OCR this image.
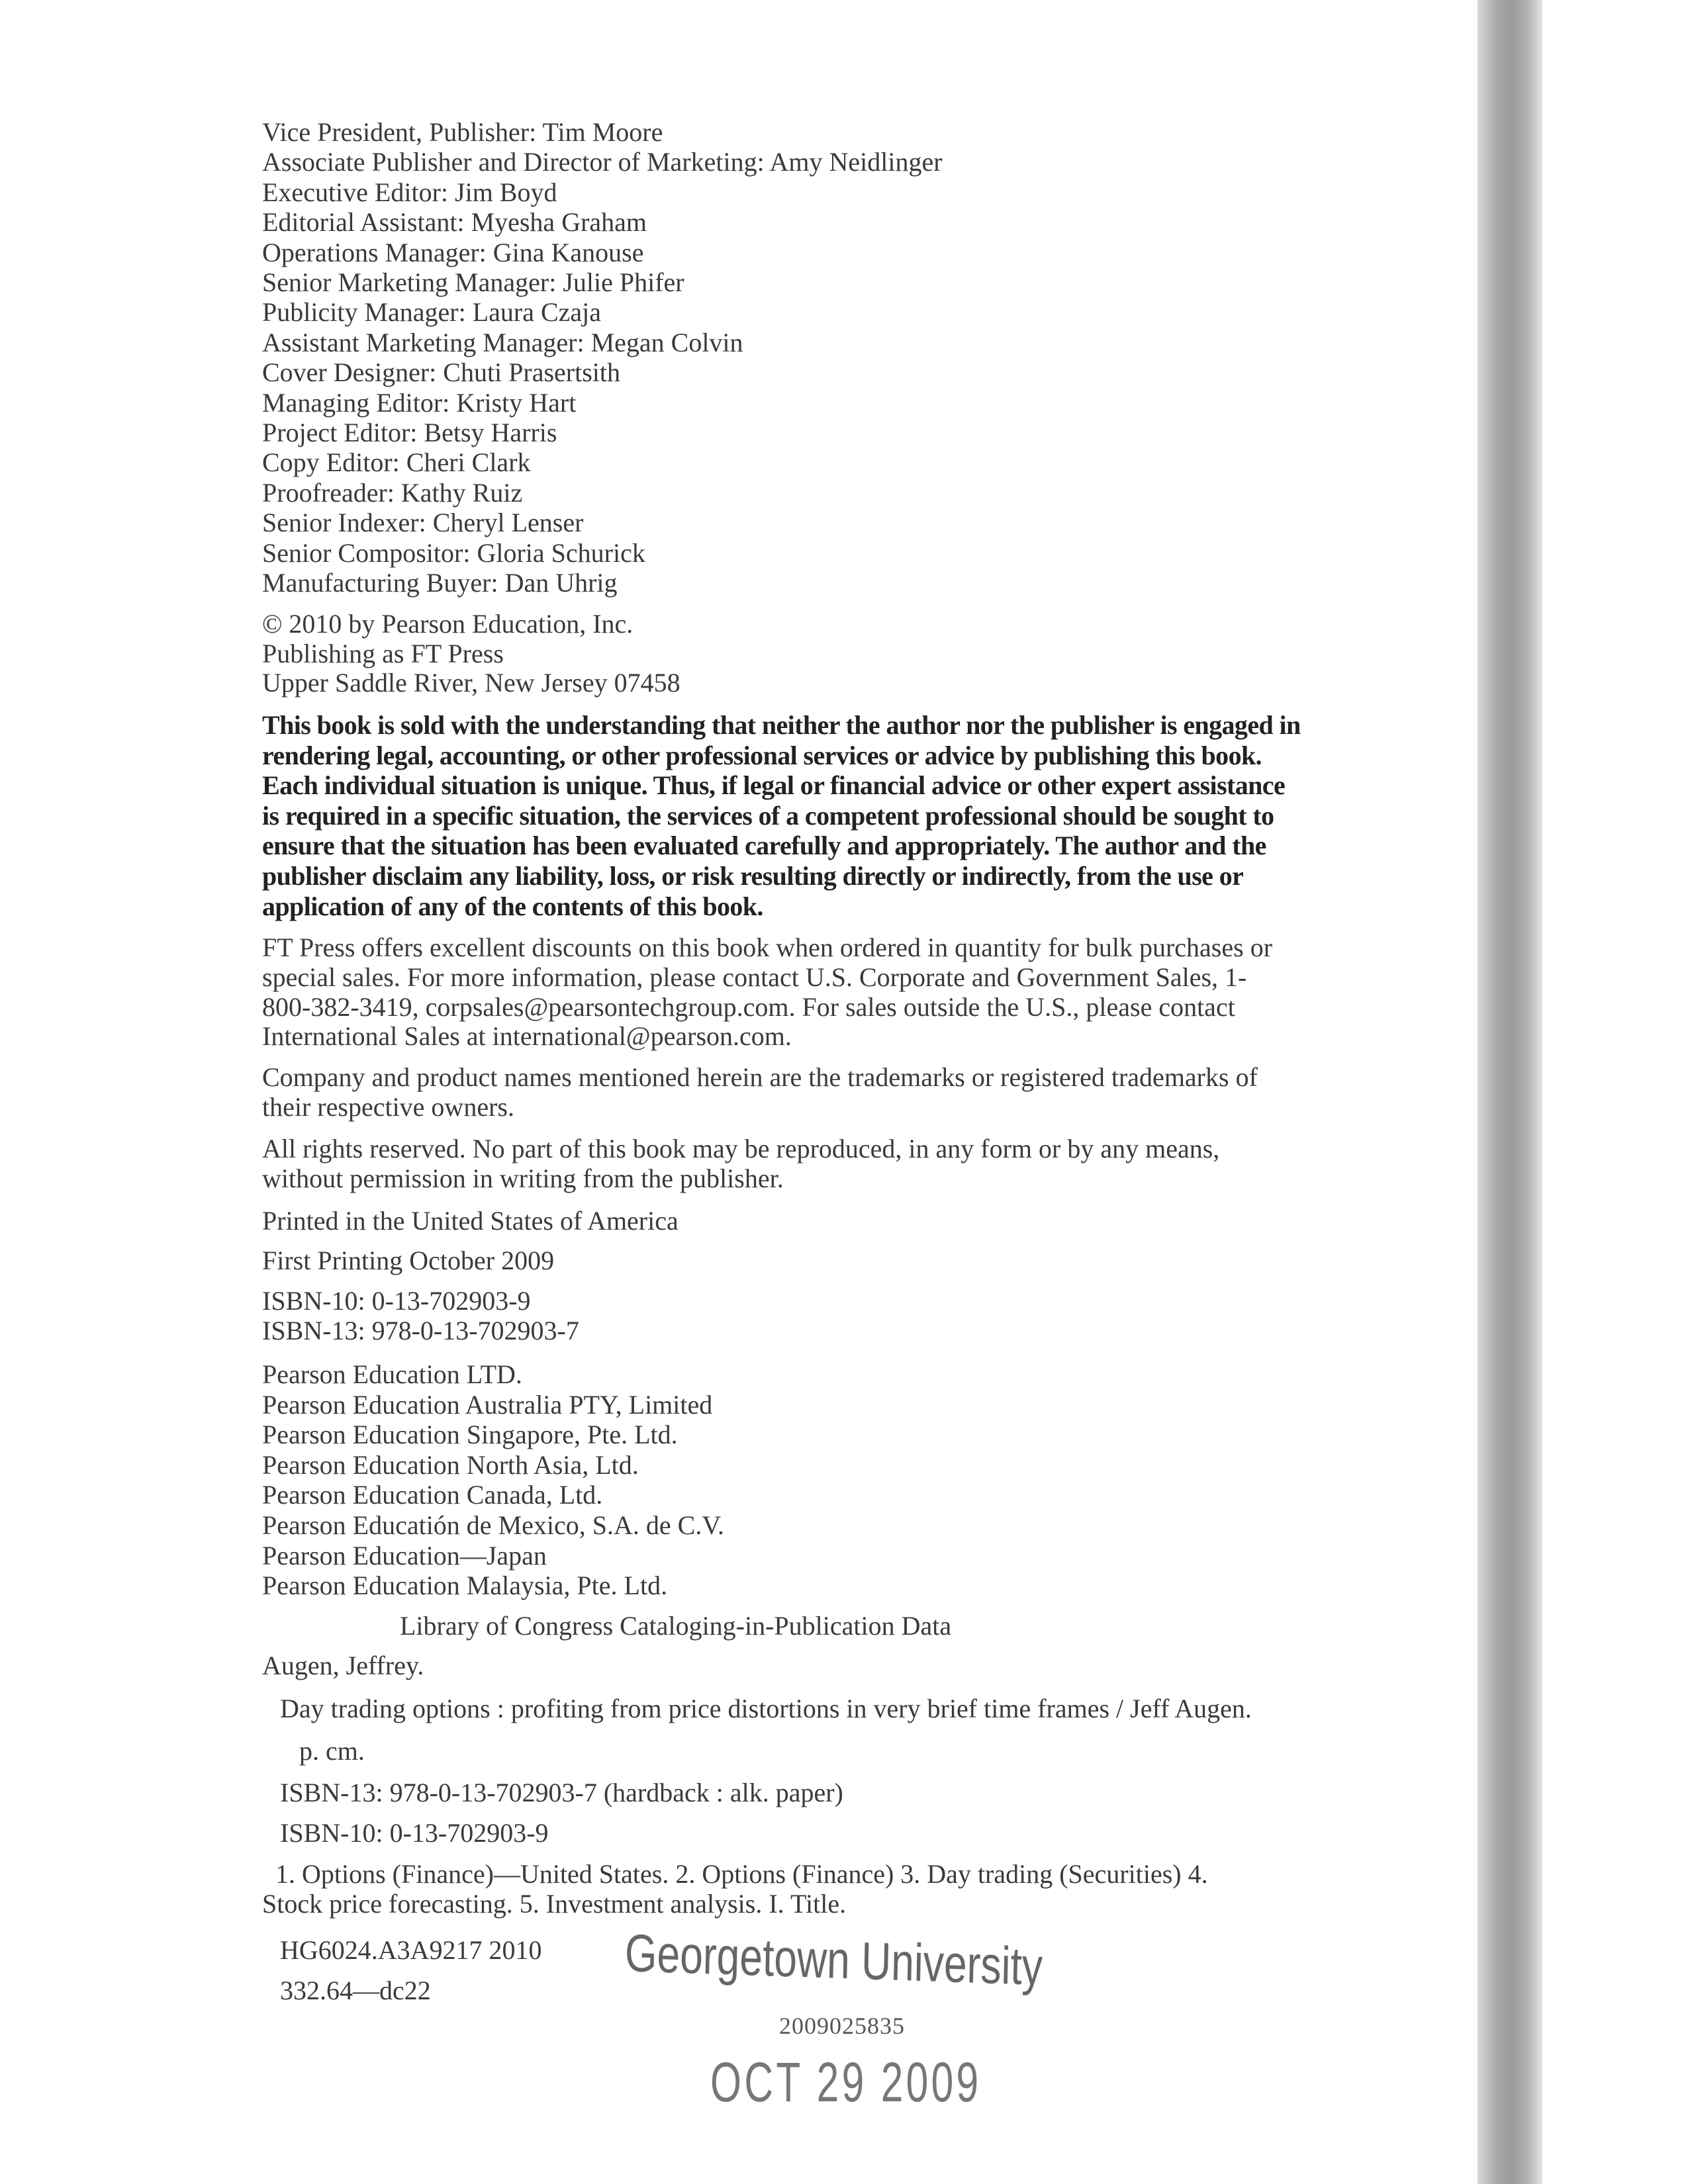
Vice President, Publisher: Tim Moore
Associate Publisher and Director of Marketing: Amy Neidlinger
Executive Editor: Jim Boyd
Editorial Assistant: Myesha Graham
Operations Manager: Gina Kanouse
Senior Marketing Manager: Julie Phifer
Publicity Manager: Laura Czaja
Assistant Marketing Manager: Megan Colvin
Cover Designer: Chuti Prasertsith
Managing Editor: Kristy Hart
Project Editor: Betsy Harris
Copy Editor: Cheri Clark
Proofreader: Kathy Ruiz
Senior Indexer: Cheryl Lenser
Senior Compositor: Gloria Schurick
Manufacturing Buyer: Dan Uhrig
© 2010 by Pearson Education, Inc.
Publishing as FT Press
Upper Saddle River, New Jersey 07458
This book is sold with the understanding that neither the author nor the publisher is engaged in
rendering legal, accounting, or other professional services or advice by publishing this book.
Each individual situation is unique. Thus, if legal or financial advice or other expert assistance
is required in a specific situation, the services of a competent professional should be sought to
ensure that the situation has been evaluated carefully and appropriately. The author and the
publisher disclaim any liability, loss, or risk resulting directly or indirectly, from the use or
application of any of the contents of this book.
FT Press offers excellent discounts on this book when ordered in quantity for bulk purchases or
special sales. For more information, please contact U.S. Corporate and Government Sales, 1-
800-382-3419, corpsales@pearsontechgroup.com. For sales outside the U.S., please contact
International Sales at international@pearson.com.
Company and product names mentioned herein are the trademarks or registered trademarks of
their respective owners.
All rights reserved. No part of this book may be reproduced, in any form or by any means,
without permission in writing from the publisher.
Printed in the United States of America
First Printing October 2009
ISBN-10: 0-13-702903-9
ISBN-13: 978-0-13-702903-7
Pearson Education LTD.
Pearson Education Australia PTY, Limited
Pearson Education Singapore, Pte. Ltd.
Pearson Education North Asia, Ltd.
Pearson Education Canada, Ltd.
Pearson Educatión de Mexico, S.A. de C.V.
Pearson Education—Japan
Pearson Education Malaysia, Pte. Ltd.
Library of Congress Cataloging-in-Publication Data
Augen, Jeffrey.
Day trading options : profiting from price distortions in very brief time frames / Jeff Augen.
p. cm.
ISBN-13: 978-0-13-702903-7 (hardback : alk. paper)
ISBN-10: 0-13-702903-9
1. Options (Finance)—United States. 2. Options (Finance) 3. Day trading (Securities) 4.
Stock price forecasting. 5. Investment analysis. I. Title.
HG6024.A3A9217 2010
332.64—dc22	Georgetown University
2009025835
OCT 29 2009
